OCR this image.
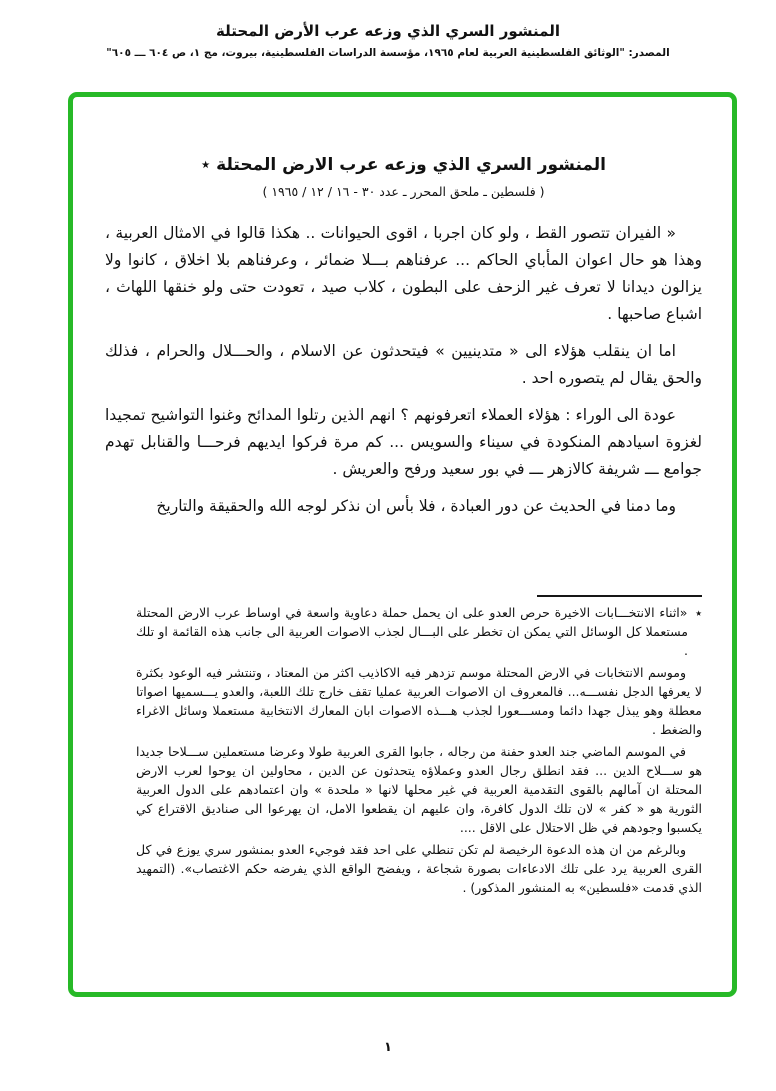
المنشور السري الذي وزعه عرب الأرض المحتلة
المصدر: "الوثائق الفلسطينية العربية لعام ١٩٦٥، مؤسسة الدراسات الفلسطينية، بيروت، مج ١، ص ٦٠٤ ـــ ٦٠٥"
المنشور السري الذي وزعه عرب الارض المحتلة ٭
( فلسطين ـ ملحق المحرر ـ عدد ٣٠ - ١٦ / ١٢ / ١٩٦٥ )

« الفيران تتصور القط ، ولو كان اجربا ، اقوى الحيوانات .. هكذا قالوا في الامثال العربية ، وهذا هو حال اعوان المأباي الحاكم ... عرفناهم بـــلا ضمائر ، وعرفناهم بلا اخلاق ، كانوا ولا يزالون ديدانا لا تعرف غير الزحف على البطون ، كلاب صيد ، تعودت حتى ولو خنقها اللهاث ، اشباع صاحبها .

اما ان ينقلب هؤلاء الى « متدينيين » فيتحدثون عن الاسلام ، والحـــلال والحرام ، فذلك والحق يقال لم يتصوره احد .

عودة الى الوراء : هؤلاء العملاء اتعرفونهم ؟ انهم الذين رتلوا المدائح وغنوا التواشيح تمجيدا لغزوة اسيادهم المنكودة في سيناء والسويس ... كم مرة فركوا ايديهم فرحـــا والقنابل تهدم جوامع ـــ شريفة كالازهر ـــ في بور سعيد ورفح والعريش .

وما دمنا في الحديث عن دور العبادة ، فلا بأس ان نذكر لوجه الله والحقيقة والتاريخ

٭ «اثناء الانتخـــابات الاخيرة حرص العدو على ان يحمل حملة دعاوية واسعة في اوساط عرب الارض المحتلة مستعملا كل الوسائل التي يمكن ان تخطر على البـــال لجذب الاصوات العربية الى جانب هذه القائمة او تلك .

وموسم الانتخابات في الارض المحتلة موسم تزدهر فيه الاكاذيب اكثر من المعتاد ، وتنتشر فيه الوعود بكثرة لا يعرفها الدجل نفســـه... فالمعروف ان الاصوات العربية عمليا تقف خارج تلك اللعبة، والعدو يـــسميها اصواتا معطلة وهو يبذل جهدا دائما ومســـعورا لجذب هـــذه الاصوات ابان المعارك الانتخابية مستعملا وسائل الاغراء والضغط .

في الموسم الماضي جند العدو حفنة من رجاله ، جابوا القرى العربية طولا وعرضا مستعملين ســـلاحا جديدا هو ســـلاح الدين ... فقد انطلق رجال العدو وعملاؤه يتحدثون عن الدين ، محاولين ان يوحوا لعرب الارض المحتلة ان آمالهم بالقوى التقدمية العربية في غير محلها لانها « ملحدة » وان اعتمادهم على الدول العربية الثورية هو « كفر » لان تلك الدول كافرة، وان عليهم ان يقطعوا الامل، ان يهرعوا الى صناديق الاقتراع كي يكسبوا وجودهم في ظل الاحتلال على الاقل ....

وبالرغم من ان هذه الدعوة الرخيصة لم تكن تنطلي على احد فقد فوجيء العدو بمنشور سري يوزع في كل القرى العربية يرد على تلك الادعاءات بصورة شجاعة ، ويفضح الواقع الذي يفرضه حكم الاغتصاب». (التمهيد الذي قدمت «فلسطين» به المنشور المذكور) .

١
